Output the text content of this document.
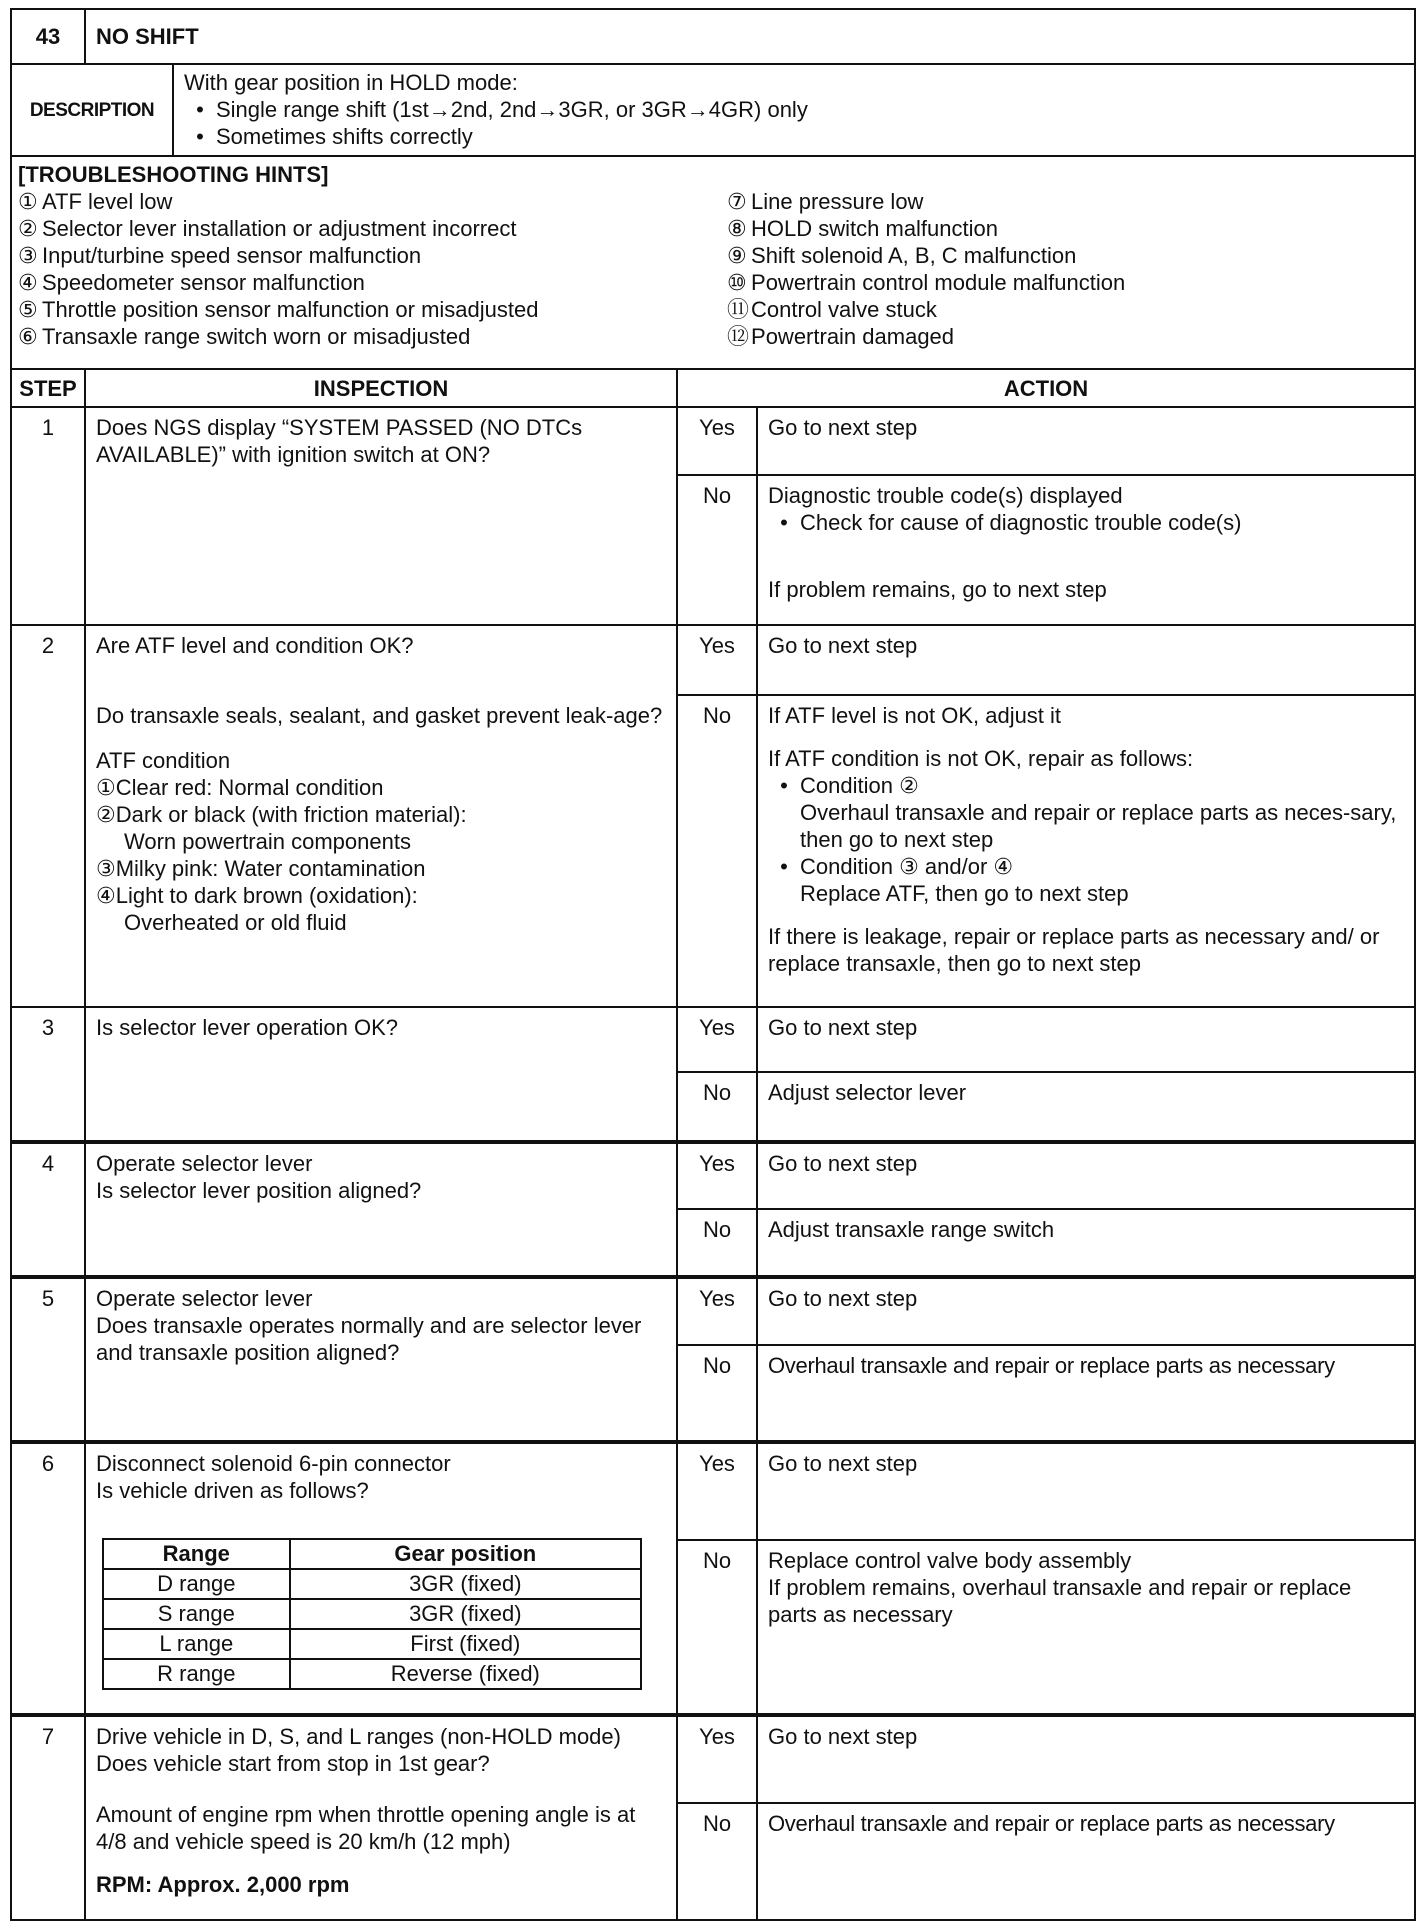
43	NO SHIFT
DESCRIPTION	
With gear position in HOLD mode:
• Single range shift (1st→2nd, 2nd→3GR, or 3GR→4GR) only
• Sometimes shifts correctly

[TROUBLESHOOTING HINTS]
① ATF level low
② Selector lever installation or adjustment incorrect
③ Input/turbine speed sensor malfunction
④ Speedometer sensor malfunction
⑤ Throttle position sensor malfunction or misadjusted
⑥ Transaxle range switch worn or misadjusted
⑦ Line pressure low
⑧ HOLD switch malfunction
⑨ Shift solenoid A, B, C malfunction
⑩ Powertrain control module malfunction
⑪ Control valve stuck
⑫ Powertrain damaged

STEP	INSPECTION	ACTION
1	Does NGS display “SYSTEM PASSED (NO DTCs AVAILABLE)” with ignition switch at ON?

	Yes	Go to next step
No	Diagnostic trouble code(s) displayed

• Check for cause of diagnostic trouble code(s)

If problem remains, go to next step

2	Are ATF level and condition OK?

Do transaxle seals, sealant, and gasket prevent leak-age?

ATF condition

①Clear red: Normal condition

②Dark or black (with friction material):

Worn powertrain components

③Milky pink: Water contamination

④Light to dark brown (oxidation):

Overheated or old fluid

	Yes	Go to next step
No	If ATF level is not OK, adjust it

If ATF condition is not OK, repair as follows:

• Condition ②

Overhaul transaxle and repair or replace parts as neces-sary, then go to next step

• Condition ③ and/or ④

Replace ATF, then go to next step

If there is leakage, repair or replace parts as necessary and/ or replace transaxle, then go to next step

3	Is selector lever operation OK?	Yes	Go to next step
No	Adjust selector lever
4	Operate selector lever

Is selector lever position aligned?

	Yes	Go to next step
No	Adjust transaxle range switch
5	Operate selector lever

Does transaxle operates normally and are selector lever and transaxle position aligned?

	Yes	Go to next step
No	Overhaul transaxle and repair or replace parts as necessary
6	Disconnect solenoid 6-pin connector

Is vehicle driven as follows?

Range	Gear position
D range	3GR (fixed)
S range	3GR (fixed)
L range	First (fixed)
R range	Reverse (fixed)
	Yes	Go to next step
No	Replace control valve body assembly

If problem remains, overhaul transaxle and repair or replace parts as necessary

7	Drive vehicle in D, S, and L ranges (non-HOLD mode)

Does vehicle start from stop in 1st gear?

Amount of engine rpm when throttle opening angle is at 4/8 and vehicle speed is 20 km/h (12 mph)

RPM: Approx. 2,000 rpm

	Yes	Go to next step
No	Overhaul transaxle and repair or replace parts as necessary
